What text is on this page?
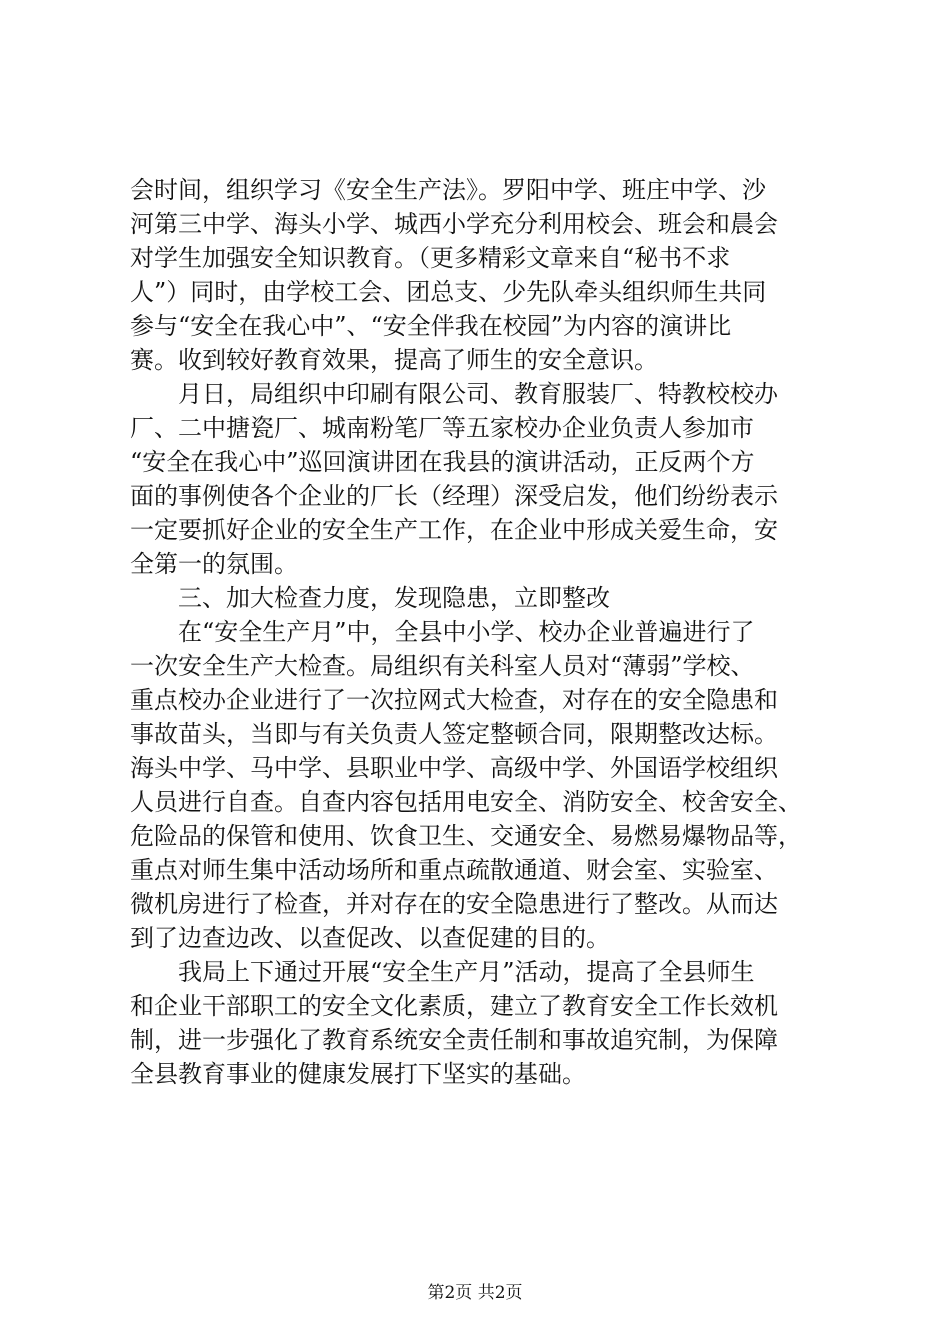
会时间，组织学习《安全生产法》。罗阳中学、班庄中学、沙
河第三中学、海头小学、城西小学充分利用校会、班会和晨会
对学生加强安全知识教育。（更多精彩文章来自“秘书不求
人”）同时，由学校工会、团总支、少先队牵头组织师生共同
参与“安全在我心中”、“安全伴我在校园”为内容的演讲比
赛。收到较好教育效果，提高了师生的安全意识。
月日，局组织中印刷有限公司、教育服装厂、特教校校办
厂、二中搪瓷厂、城南粉笔厂等五家校办企业负责人参加市
“安全在我心中”巡回演讲团在我县的演讲活动，正反两个方
面的事例使各个企业的厂长（经理）深受启发，他们纷纷表示
一定要抓好企业的安全生产工作，在企业中形成关爱生命，安
全第一的氛围。
三、加大检查力度，发现隐患，立即整改
在“安全生产月”中，全县中小学、校办企业普遍进行了
一次安全生产大检查。局组织有关科室人员对“薄弱”学校、
重点校办企业进行了一次拉网式大检查，对存在的安全隐患和
事故苗头，当即与有关负责人签定整顿合同，限期整改达标。
海头中学、马中学、县职业中学、高级中学、外国语学校组织
人员进行自查。自查内容包括用电安全、消防安全、校舍安全、
危险品的保管和使用、饮食卫生、交通安全、易燃易爆物品等，
重点对师生集中活动场所和重点疏散通道、财会室、实验室、
微机房进行了检查，并对存在的安全隐患进行了整改。从而达
到了边查边改、以查促改、以查促建的目的。
我局上下通过开展“安全生产月”活动，提高了全县师生
和企业干部职工的安全文化素质，建立了教育安全工作长效机
制，进一步强化了教育系统安全责任制和事故追究制，为保障
全县教育事业的健康发展打下坚实的基础。
第2页 共2页
